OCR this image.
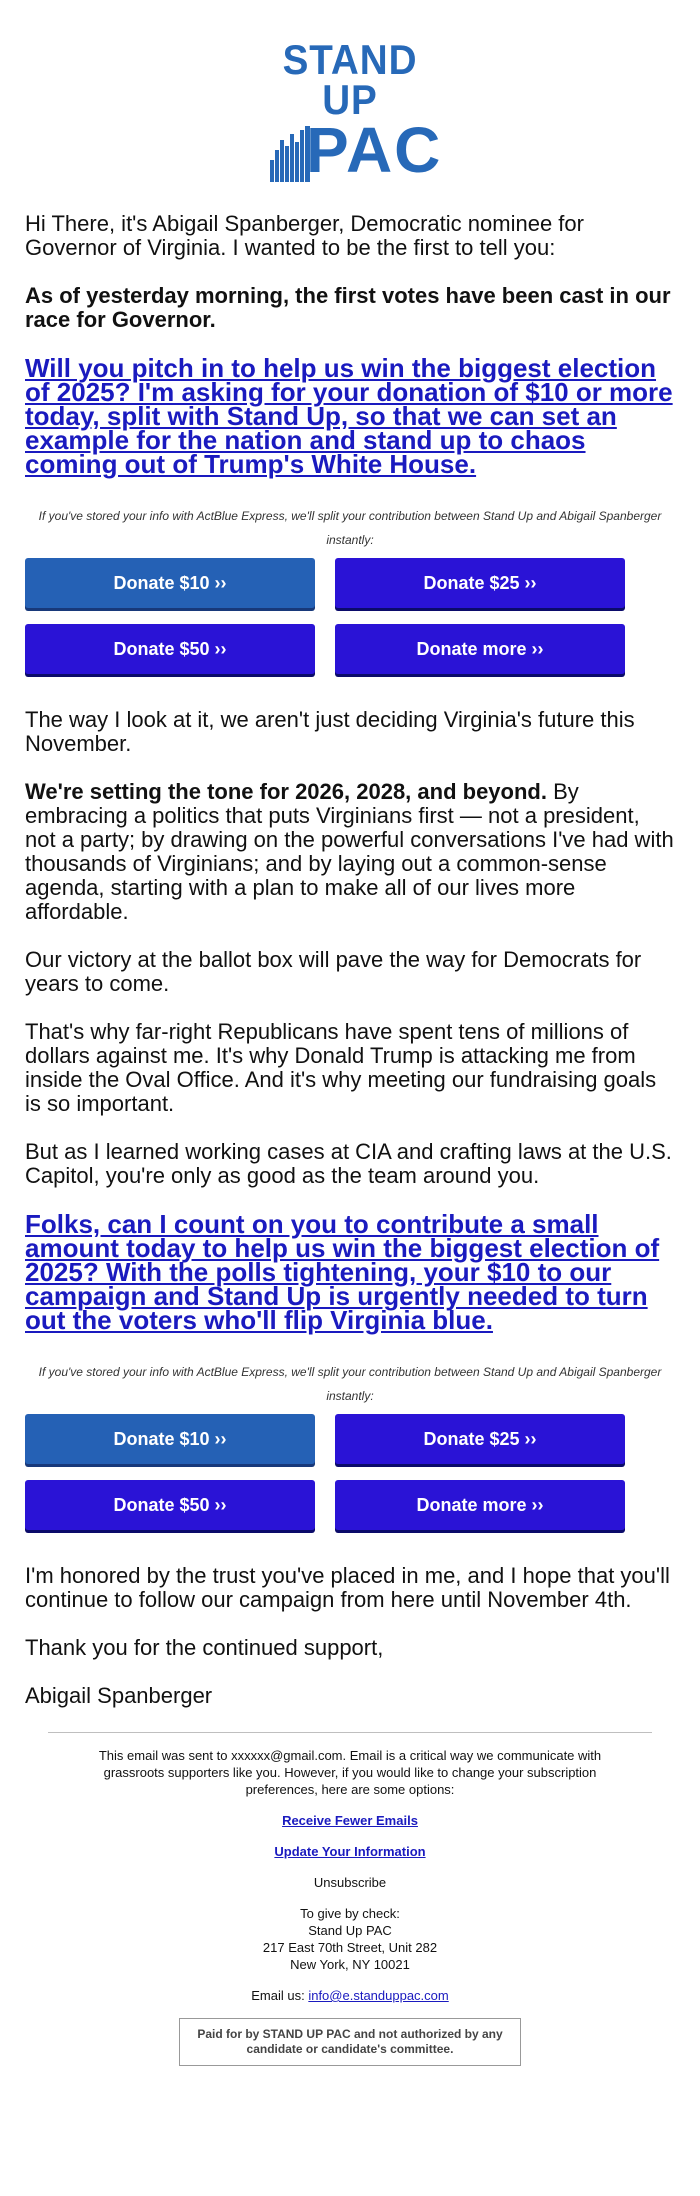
STAND UP
PAC

Hi There, it's Abigail Spanberger, Democratic nominee for Governor of Virginia. I wanted to be the first to tell you:

As of yesterday morning, the first votes have been cast in our race for Governor.

Will you pitch in to help us win the biggest election of 2025? I'm asking for your donation of $10 or more today, split with Stand Up, so that we can set an example for the nation and stand up to chaos coming out of Trump's White House.
If you've stored your info with ActBlue Express, we'll split your contribution between Stand Up and Abigail Spanberger instantly:
Donate $10 ››	Donate $25 ››
Donate $50 ››	Donate more ››

The way I look at it, we aren't just deciding Virginia's future this November.

We're setting the tone for 2026, 2028, and beyond. By embracing a politics that puts Virginians first — not a president, not a party; by drawing on the powerful conversations I've had with thousands of Virginians; and by laying out a common-sense agenda, starting with a plan to make all of our lives more affordable.

Our victory at the ballot box will pave the way for Democrats for years to come.

That's why far-right Republicans have spent tens of millions of dollars against me. It's why Donald Trump is attacking me from inside the Oval Office. And it's why meeting our fundraising goals is so important.

But as I learned working cases at CIA and crafting laws at the U.S. Capitol, you're only as good as the team around you.

Folks, can I count on you to contribute a small amount today to help us win the biggest election of 2025? With the polls tightening, your $10 to our campaign and Stand Up is urgently needed to turn out the voters who'll flip Virginia blue.
If you've stored your info with ActBlue Express, we'll split your contribution between Stand Up and Abigail Spanberger instantly:
Donate $10 ››	Donate $25 ››
Donate $50 ››	Donate more ››

I'm honored by the trust you've placed in me, and I hope that you'll continue to follow our campaign from here until November 4th.

Thank you for the continued support,

Abigail Spanberger

This email was sent to xxxxxx@gmail.com. Email is a critical way we communicate with grassroots supporters like you. However, if you would like to change your subscription preferences, here are some options:

Receive Fewer Emails

Update Your Information

Unsubscribe

To give by check:
Stand Up PAC
217 East 70th Street, Unit 282
New York, NY 10021

Email us: info@e.standuppac.com

Paid for by STAND UP PAC and not authorized by any candidate or candidate's committee.
